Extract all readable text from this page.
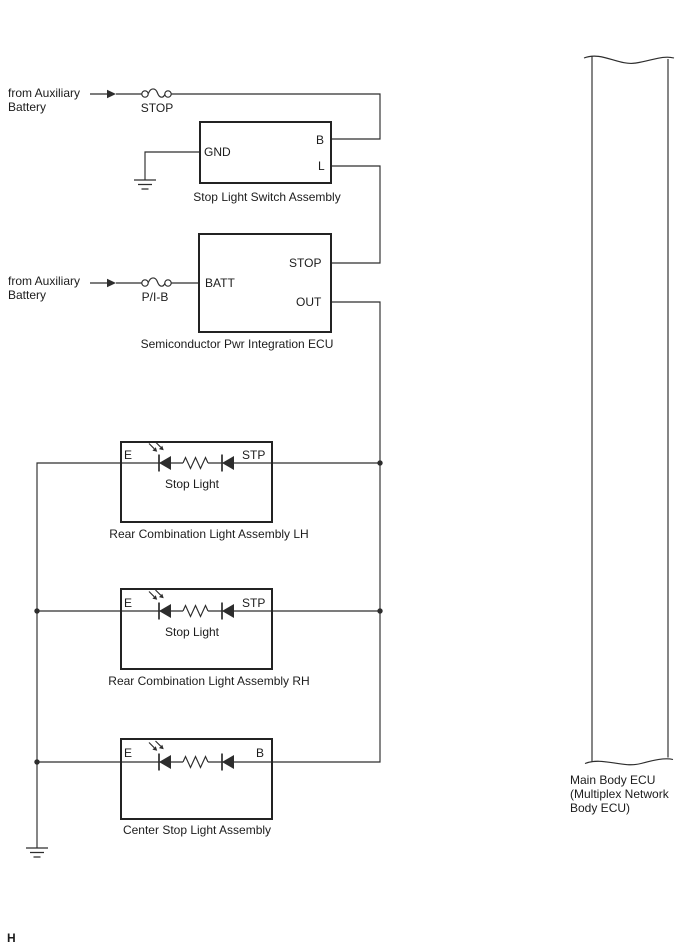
from Auxiliary
Battery	STOP
GND
B
L
Stop Light Switch Assembly
from Auxiliary
Battery	P/I-B
BATT
STOP
OUT
Semiconductor Pwr Integration ECU
E	STP
Stop Light
Rear Combination Light Assembly LH
E	STP
Stop Light
Rear Combination Light Assembly RH
E	B
Center Stop Light Assembly
Main Body ECU
(Multiplex Network
Body ECU)
H
